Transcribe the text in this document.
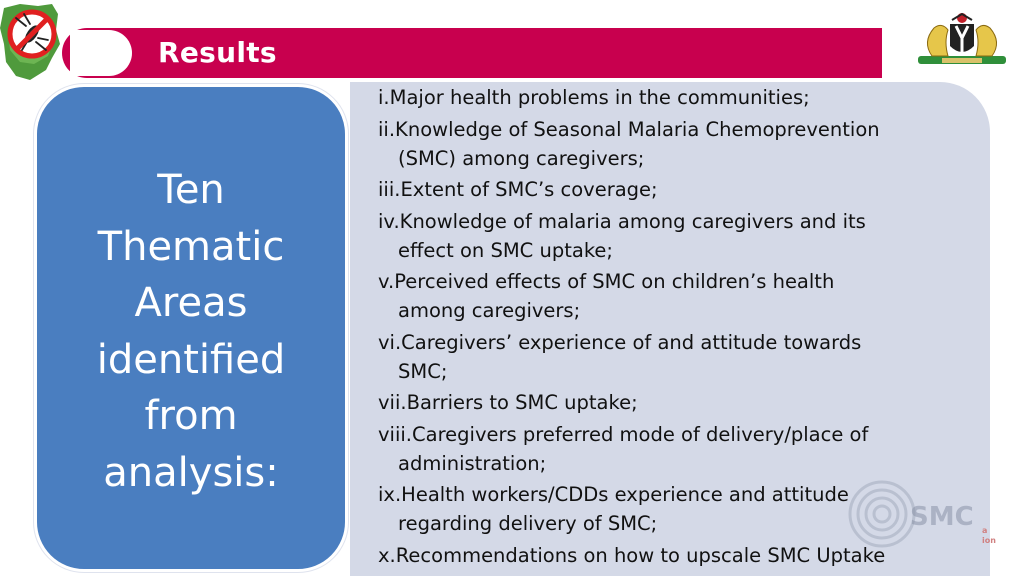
Results
SMC a
ion

Ten
Thematic
Areas
identified
from
analysis:

i.Major health problems in the communities;
ii.Knowledge of Seasonal Malaria Chemoprevention
(SMC) among caregivers;
iii.Extent of SMC’s coverage;
iv.Knowledge of malaria among caregivers and its
effect on SMC uptake;
v.Perceived effects of SMC on children’s health
among caregivers;
vi.Caregivers’ experience of and attitude towards
SMC;
vii.Barriers to SMC uptake;
viii.Caregivers preferred mode of delivery/place of
administration;
ix.Health workers/CDDs experience and attitude
regarding delivery of SMC;
x.Recommendations on how to upscale SMC Uptake
